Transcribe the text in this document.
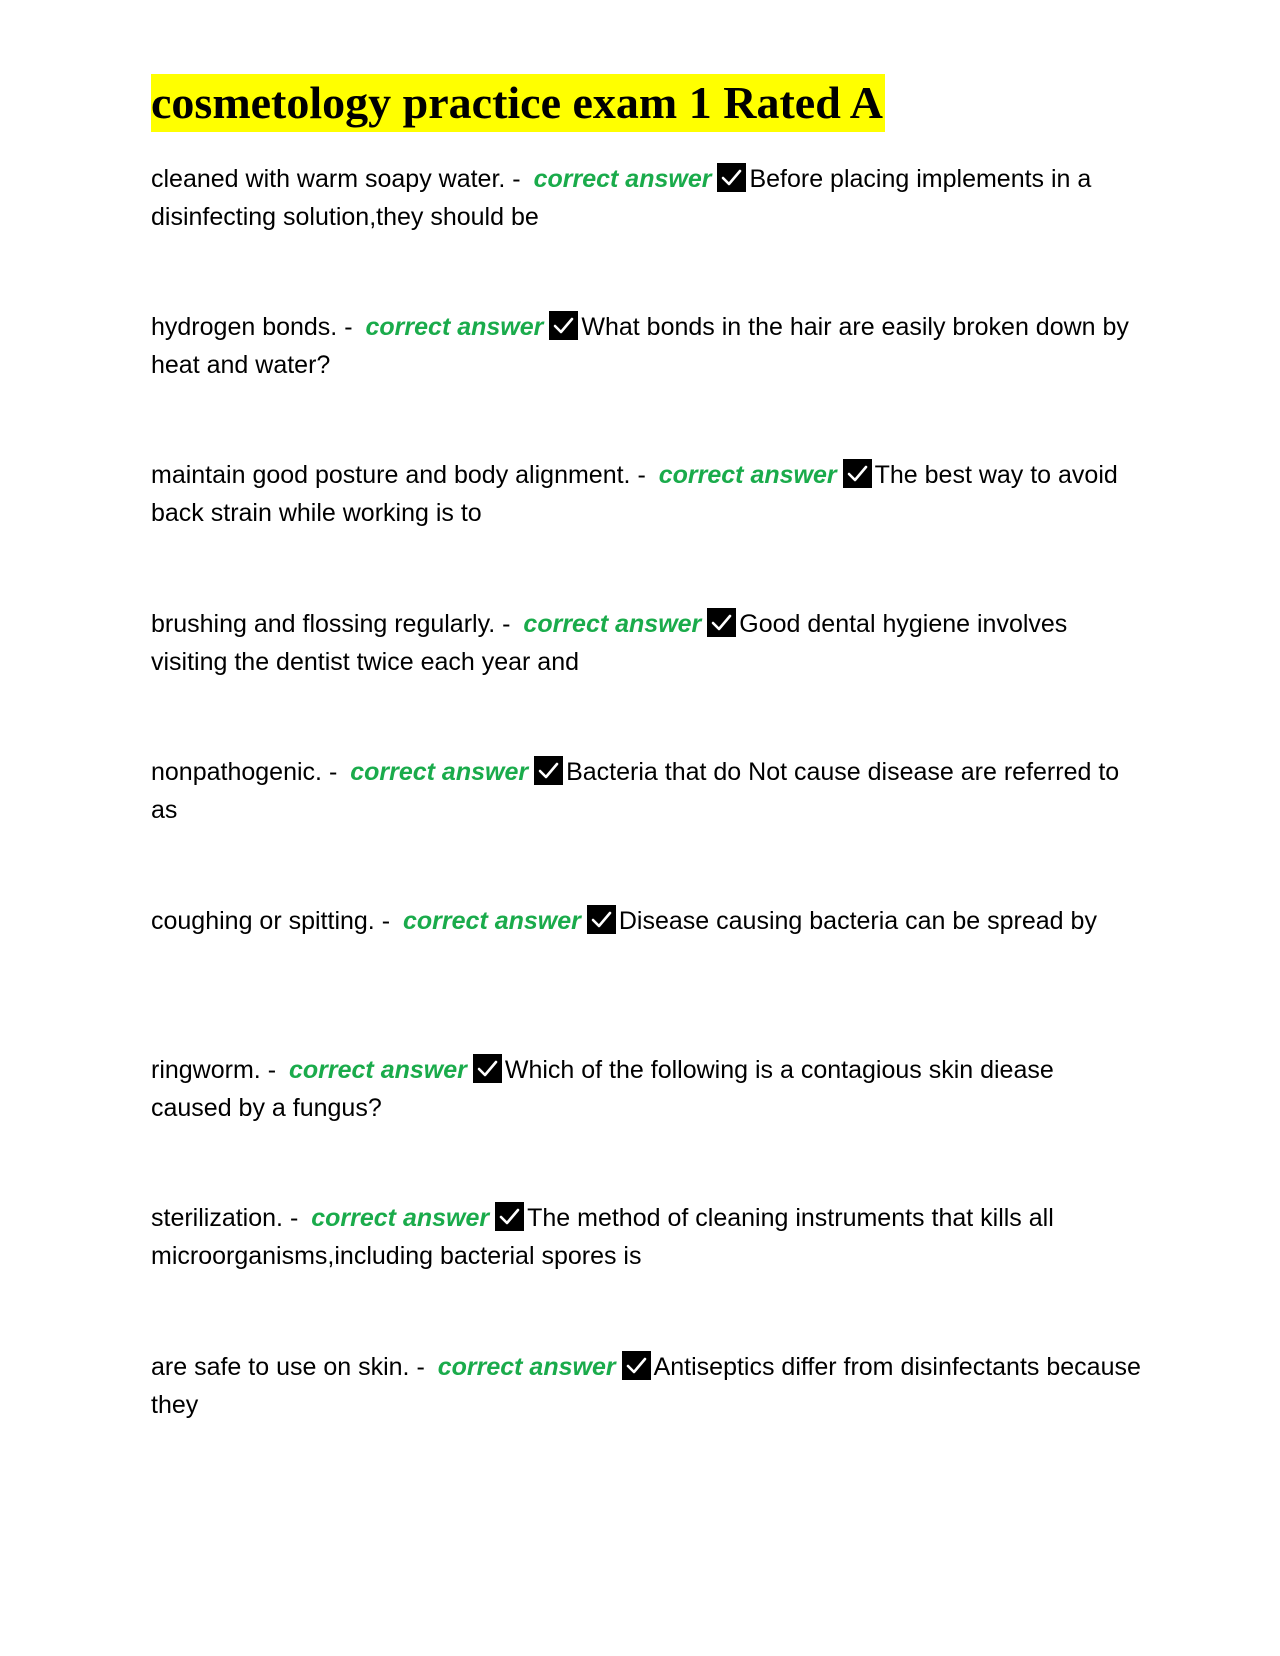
cosmetology practice exam 1 Rated A
cleaned with warm soapy water. - correct answer Before placing implements in a disinfecting solution,they should be
hydrogen bonds. - correct answer What bonds in the hair are easily broken down by heat and water?
maintain good posture and body alignment. - correct answer The best way to avoid back strain while working is to
brushing and flossing regularly. - correct answer Good dental hygiene involves visiting the dentist twice each year and
nonpathogenic. - correct answer Bacteria that do Not cause disease are referred to as
coughing or spitting. - correct answer Disease causing bacteria can be spread by
ringworm. - correct answer Which of the following is a contagious skin diease caused by a fungus?
sterilization. - correct answer The method of cleaning instruments that kills all microorganisms,including bacterial spores is
are safe to use on skin. - correct answer Antiseptics differ from disinfectants because they
